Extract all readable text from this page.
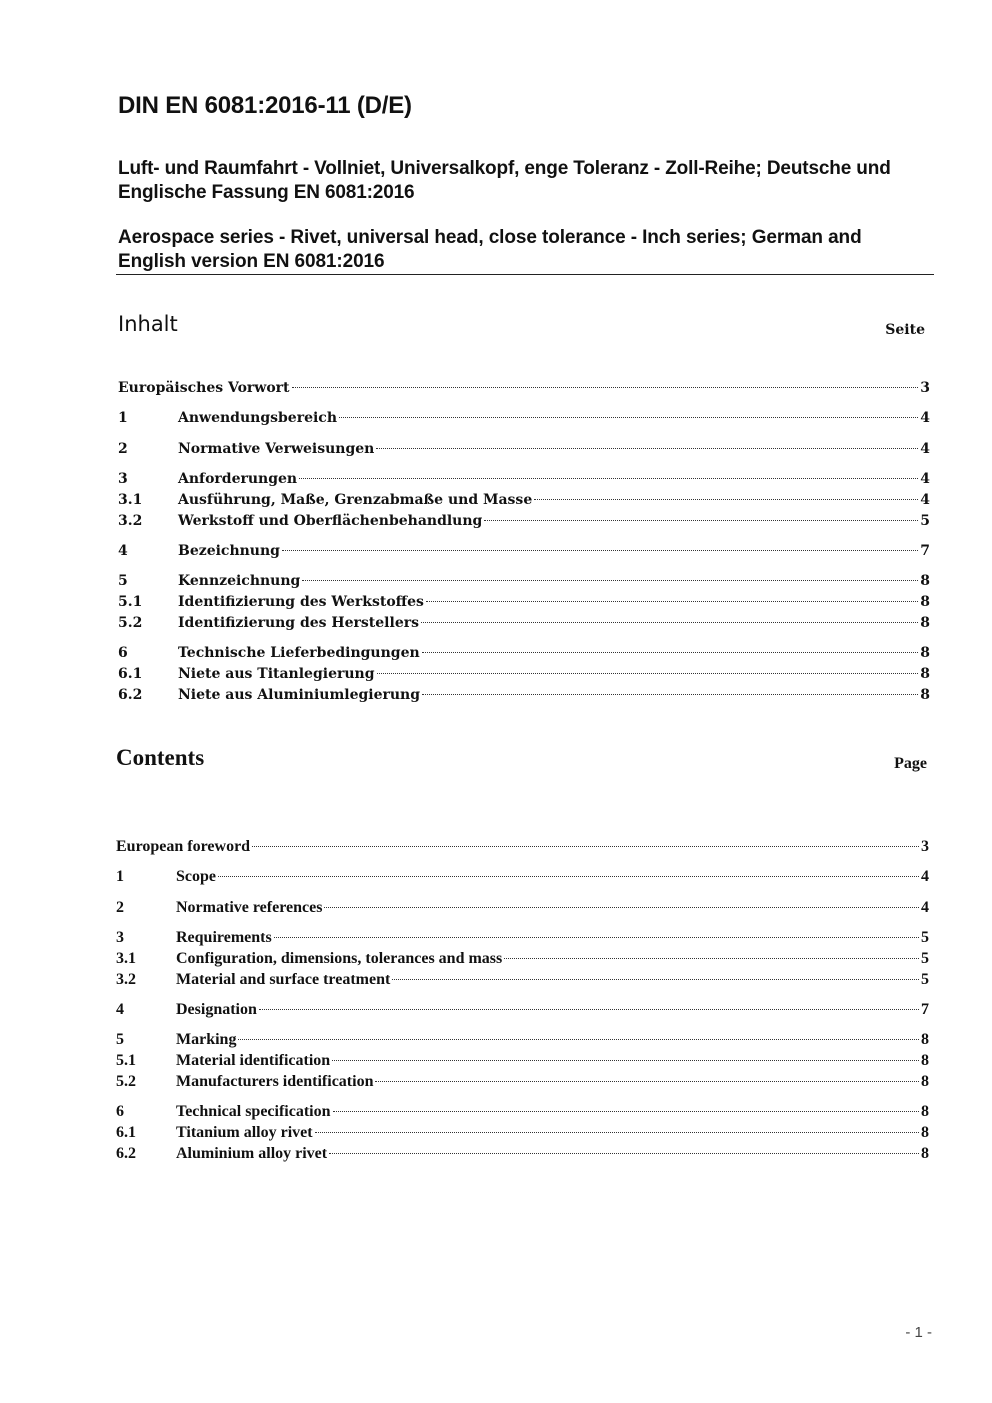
DIN EN 6081:2016-11 (D/E)

Luft- und Raumfahrt - Vollniet, Universalkopf, enge Toleranz - Zoll-Reihe; Deutsche und Englische Fassung EN 6081:2016

Aerospace series - Rivet, universal head, close tolerance - Inch series; German and English version EN 6081:2016

Inhalt	Seite
Europäisches Vorwort	3
1	Anwendungsbereich	4
2	Normative Verweisungen	4
3	Anforderungen	4
3.1	Ausführung, Maße, Grenzabmaße und Masse	4
3.2	Werkstoff und Oberflächenbehandlung	5
4	Bezeichnung	7
5	Kennzeichnung	8
5.1	Identifizierung des Werkstoffes	8
5.2	Identifizierung des Herstellers	8
6	Technische Lieferbedingungen	8
6.1	Niete aus Titanlegierung	8
6.2	Niete aus Aluminiumlegierung	8
Contents	Page
European foreword	3
1	Scope	4
2	Normative references	4
3	Requirements	5
3.1	Configuration, dimensions, tolerances and mass	5
3.2	Material and surface treatment	5
4	Designation	7
5	Marking	8
5.1	Material identification	8
5.2	Manufacturers identification	8
6	Technical specification	8
6.1	Titanium alloy rivet	8
6.2	Aluminium alloy rivet	8
- 1 -
